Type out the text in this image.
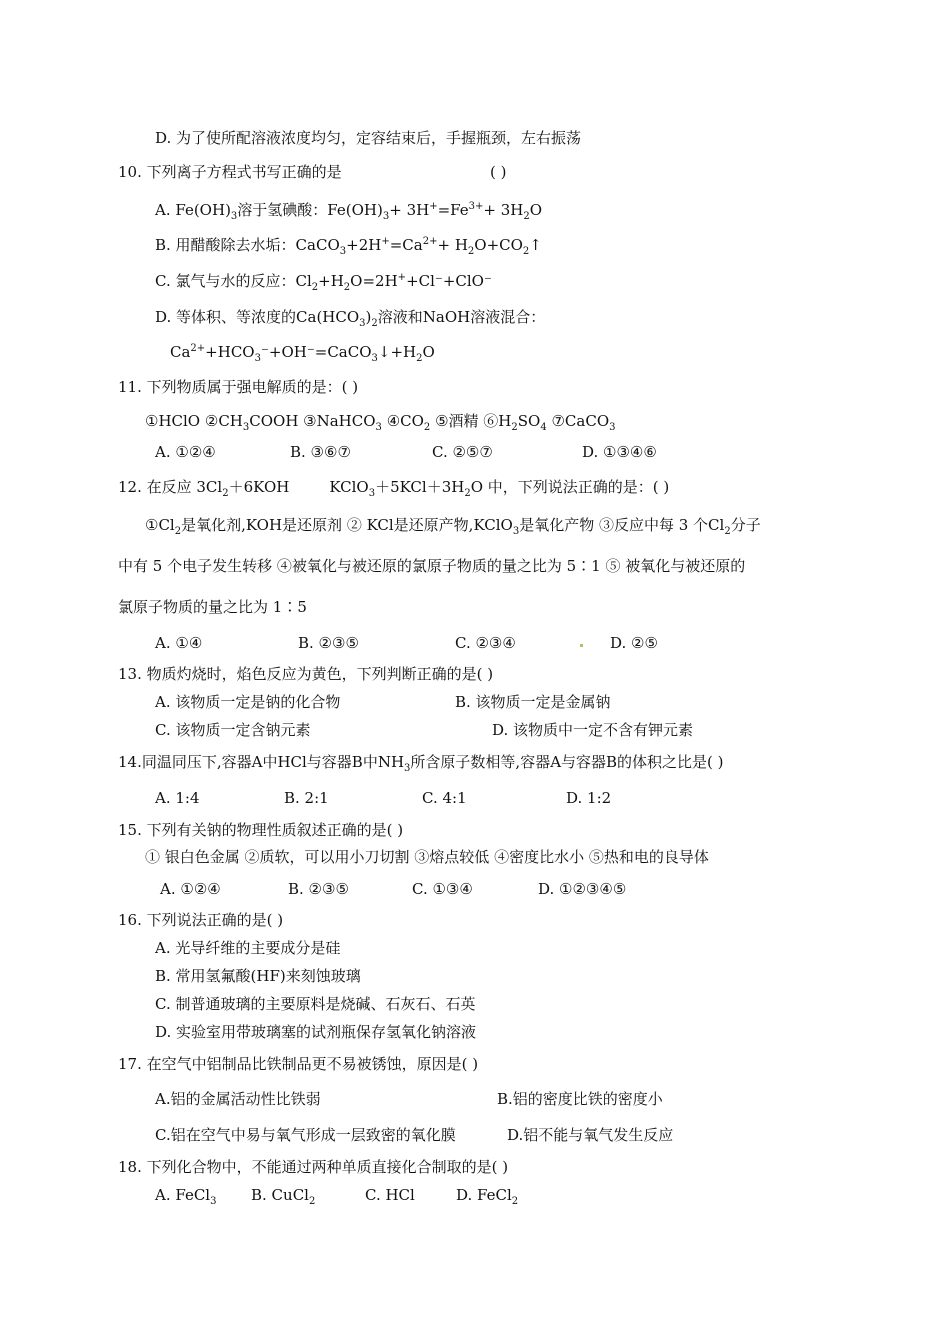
D. 为了使所配溶液浓度均匀，定容结束后，手握瓶颈，左右振荡
10. 下列离子方程式书写正确的是	( )
A. $Fe(OH)_3$溶于氢碘酸：$Fe(OH)_3+ 3H^+=Fe^{3+}+ 3H_2O$
B. 用醋酸除去水垢：$CaCO_3+2H^+=Ca^{2+}+$ $H_2O+CO_2↑$
C. 氯气与水的反应：$Cl_2+H_2O=2H^++Cl^-+ClO^-$
D. 等体积、等浓度的$Ca(HCO_3)_2$溶液和NaOH溶液混合：
$Ca^{2+}+HCO_3^-+OH^-=CaCO_3↓+H_2O$
11. 下列物质属于强电解质的是：( )
①HClO $②CH_3COOH$ ③NaHCO$_3$ $④CO_2$ ⑤酒精 $⑥H_2SO_4$ ⑦CaCO$_3$
A. ①②④	B. ③⑥⑦	C. ②⑤⑦	D. ①③④⑥
12. 在反应 $3Cl_2+6KOH$	$KClO_3+5KCl+3H_2O$ 中，下列说法正确的是：( )
$①Cl_2$是氧化剂,KOH是还原剂 ② KCl是还原产物,KClO$_3$是氧化产物 ③反应中每 3 个$Cl_2$分子
中有 5 个电子发生转移 ④被氧化与被还原的氯原子物质的量之比为 5∶1 ⑤ 被氧化与被还原的
氯原子物质的量之比为 1∶5
A. ①④	B. ②③⑤	C. ②③④	D. ②⑤
13. 物质灼烧时，焰色反应为黄色，下列判断正确的是( )
A. 该物质一定是钠的化合物	B. 该物质一定是金属钠
C. 该物质一定含钠元素	D. 该物质中一定不含有钾元素
14.同温同压下,容器A中HCl与容器B中$NH_3$所含原子数相等,容器A与容器B的体积之比是( )
A. 1:4	B. 2:1	C. 4:1	D. 1:2
15. 下列有关钠的物理性质叙述正确的是( )
① 银白色金属 ②质软，可以用小刀切割 ③熔点较低 ④密度比水小 ⑤热和电的良导体
A. ①②④	B. ②③⑤	C. ①③④	D. ①②③④⑤
16. 下列说法正确的是( )
A. 光导纤维的主要成分是硅
B. 常用氢氟酸(HF)来刻蚀玻璃
C. 制普通玻璃的主要原料是烧碱、石灰石、石英
D. 实验室用带玻璃塞的试剂瓶保存氢氧化钠溶液
17. 在空气中铝制品比铁制品更不易被锈蚀，原因是( )
A.铝的金属活动性比铁弱	B.铝的密度比铁的密度小
C.铝在空气中易与氧气形成一层致密的氧化膜	D.铝不能与氧气发生反应
18. 下列化合物中，不能通过两种单质直接化合制取的是( )
A. FeCl$_3$ B. CuCl$_2$	C. HCl	D. FeCl$_2$
